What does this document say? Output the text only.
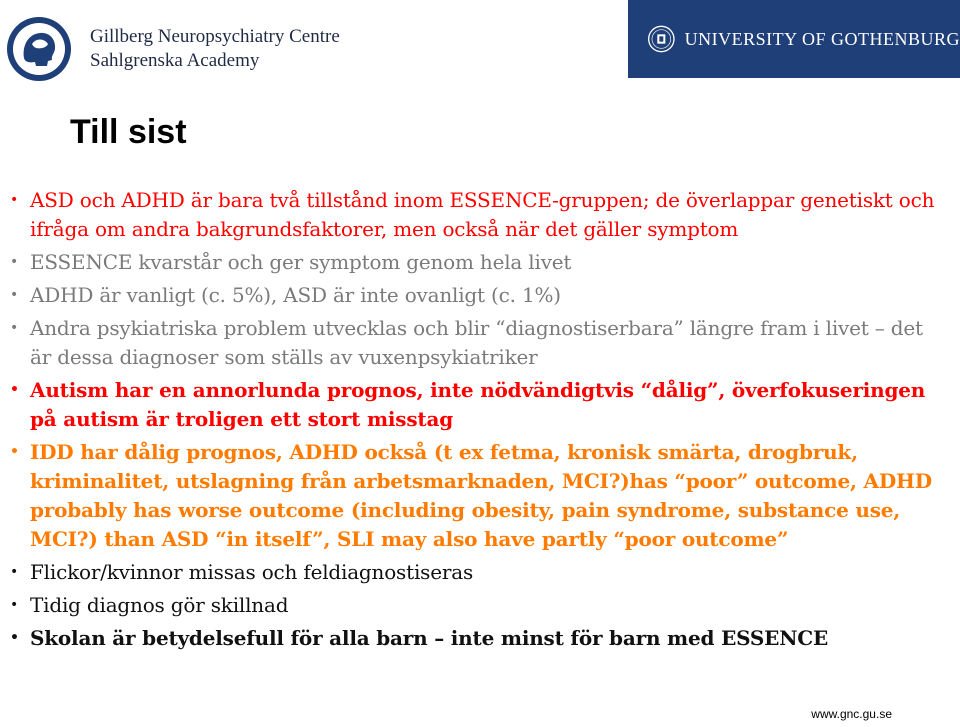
Gillberg Neuropsychiatry Centre
Sahlgrenska Academy
UNIVERSITY OF GOTHENBURG
Till sist
• ASD och ADHD är bara två tillstånd inom ESSENCE-gruppen; de överlappar genetiskt och ifråga om andra bakgrundsfaktorer, men också när det gäller symptom
• ESSENCE kvarstår och ger symptom genom hela livet
• ADHD är vanligt (c. 5%), ASD är inte ovanligt (c. 1%)
• Andra psykiatriska problem utvecklas och blir “diagnostiserbara” längre fram i livet – det är dessa diagnoser som ställs av vuxenpsykiatriker
• Autism har en annorlunda prognos, inte nödvändigtvis “dålig”, överfokuseringen på autism är troligen ett stort misstag
• IDD har dålig prognos, ADHD också (t ex fetma, kronisk smärta, drogbruk, kriminalitet, utslagning från arbetsmarknaden, MCI?)has “poor” outcome, ADHD probably has worse outcome (including obesity, pain syndrome, substance use, MCI?) than ASD “in itself”, SLI may also have partly “poor outcome”
• Flickor/kvinnor missas och feldiagnostiseras
• Tidig diagnos gör skillnad
• Skolan är betydelsefull för alla barn – inte minst för barn med ESSENCE
www.gnc.gu.se
